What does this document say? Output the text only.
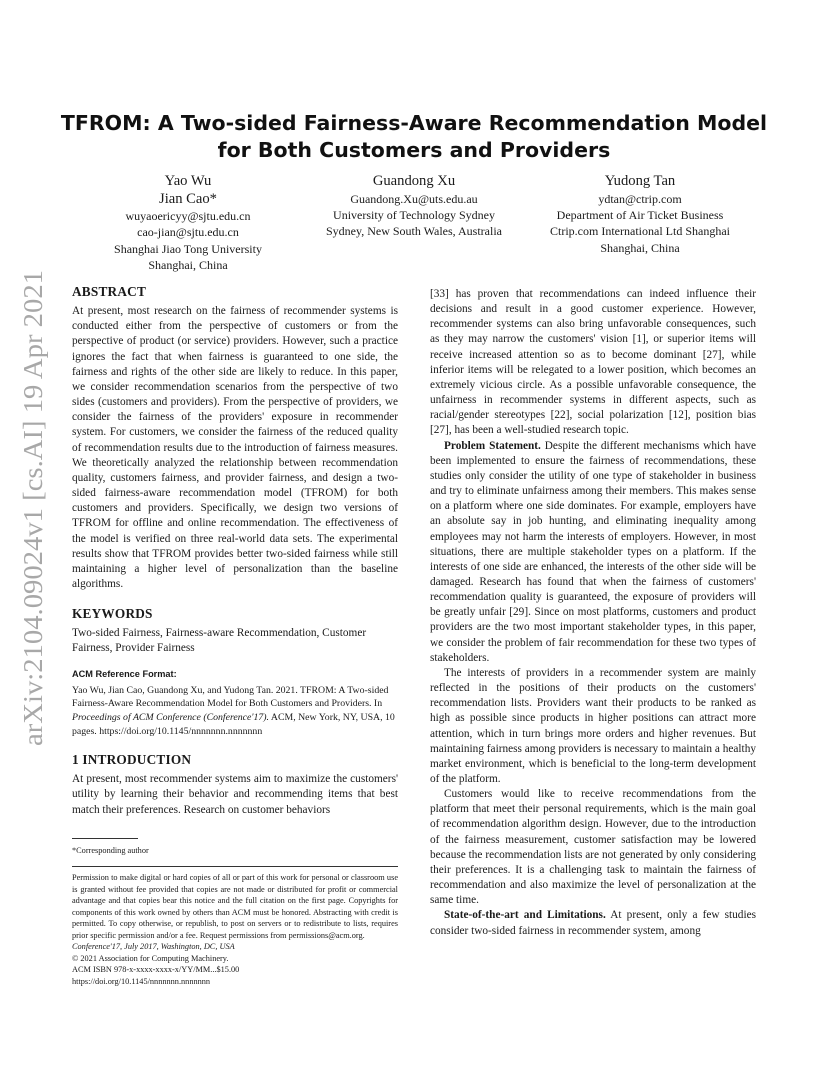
arXiv:2104.09024v1 [cs.AI] 19 Apr 2021
TFROM: A Two-sided Fairness-Aware Recommendation Model
for Both Customers and Providers
Yao Wu
Jian Cao*
wuyaoericyy@sjtu.edu.cn
cao-jian@sjtu.edu.cn
Shanghai Jiao Tong University
Shanghai, China
Guandong Xu
Guandong.Xu@uts.edu.au
University of Technology Sydney
Sydney, New South Wales, Australia
Yudong Tan
ydtan@ctrip.com
Department of Air Ticket Business
Ctrip.com International Ltd Shanghai
Shanghai, China
ABSTRACT

At present, most research on the fairness of recommender systems is conducted either from the perspective of customers or from the perspective of product (or service) providers. However, such a practice ignores the fact that when fairness is guaranteed to one side, the fairness and rights of the other side are likely to reduce. In this paper, we consider recommendation scenarios from the perspective of two sides (customers and providers). From the perspective of providers, we consider the fairness of the providers' exposure in recommender system. For customers, we consider the fairness of the reduced quality of recommendation results due to the introduction of fairness measures. We theoretically analyzed the relationship between recommendation quality, customers fairness, and provider fairness, and design a two-sided fairness-aware recommendation model (TFROM) for both customers and providers. Specifically, we design two versions of TFROM for offline and online recommendation. The effectiveness of the model is verified on three real-world data sets. The experimental results show that TFROM provides better two-sided fairness while still maintaining a higher level of personalization than the baseline algorithms.

KEYWORDS

Two-sided Fairness, Fairness-aware Recommendation, Customer Fairness, Provider Fairness

ACM Reference Format:
Yao Wu, Jian Cao, Guandong Xu, and Yudong Tan. 2021. TFROM: A Two-sided Fairness-Aware Recommendation Model for Both Customers and Providers. In Proceedings of ACM Conference (Conference'17). ACM, New York, NY, USA, 10 pages. https://doi.org/10.1145/nnnnnnn.nnnnnnn
1 INTRODUCTION

At present, most recommender systems aim to maximize the customers' utility by learning their behavior and recommending items that best match their preferences. Research on customer behaviors

*Corresponding author
Permission to make digital or hard copies of all or part of this work for personal or classroom use is granted without fee provided that copies are not made or distributed for profit or commercial advantage and that copies bear this notice and the full citation on the first page. Copyrights for components of this work owned by others than ACM must be honored. Abstracting with credit is permitted. To copy otherwise, or republish, to post on servers or to redistribute to lists, requires prior specific permission and/or a fee. Request permissions from permissions@acm.org.
Conference'17, July 2017, Washington, DC, USA
© 2021 Association for Computing Machinery.
ACM ISBN 978-x-xxxx-xxxx-x/YY/MM...$15.00
https://doi.org/10.1145/nnnnnnn.nnnnnnn

[33] has proven that recommendations can indeed influence their decisions and result in a good customer experience. However, recommender systems can also bring unfavorable consequences, such as they may narrow the customers' vision [1], or superior items will receive increased attention so as to become dominant [27], while inferior items will be relegated to a lower position, which becomes an extremely vicious circle. As a possible unfavorable consequence, the unfairness in recommender systems in different aspects, such as racial/gender stereotypes [22], social polarization [12], position bias [27], has been a well-studied research topic.

Problem Statement. Despite the different mechanisms which have been implemented to ensure the fairness of recommendations, these studies only consider the utility of one type of stakeholder in business and try to eliminate unfairness among their members. This makes sense on a platform where one side dominates. For example, employers have an absolute say in job hunting, and eliminating inequality among employees may not harm the interests of employers. However, in most situations, there are multiple stakeholder types on a platform. If the interests of one side are enhanced, the interests of the other side will be damaged. Research has found that when the fairness of customers' recommendation quality is guaranteed, the exposure of providers will be greatly unfair [29]. Since on most platforms, customers and product providers are the two most important stakeholder types, in this paper, we consider the problem of fair recommendation for these two types of stakeholders.

The interests of providers in a recommender system are mainly reflected in the positions of their products on the customers' recommendation lists. Providers want their products to be ranked as high as possible since products in higher positions can attract more attention, which in turn brings more orders and higher revenues. But maintaining fairness among providers is necessary to maintain a healthy market environment, which is beneficial to the long-term development of the platform.

Customers would like to receive recommendations from the platform that meet their personal requirements, which is the main goal of recommendation algorithm design. However, due to the introduction of the fairness measurement, customer satisfaction may be lowered because the recommendation lists are not generated by only considering their preferences. It is a challenging task to maintain the fairness of recommendation and also maximize the level of personalization at the same time.

State-of-the-art and Limitations. At present, only a few studies consider two-sided fairness in recommender system, among
